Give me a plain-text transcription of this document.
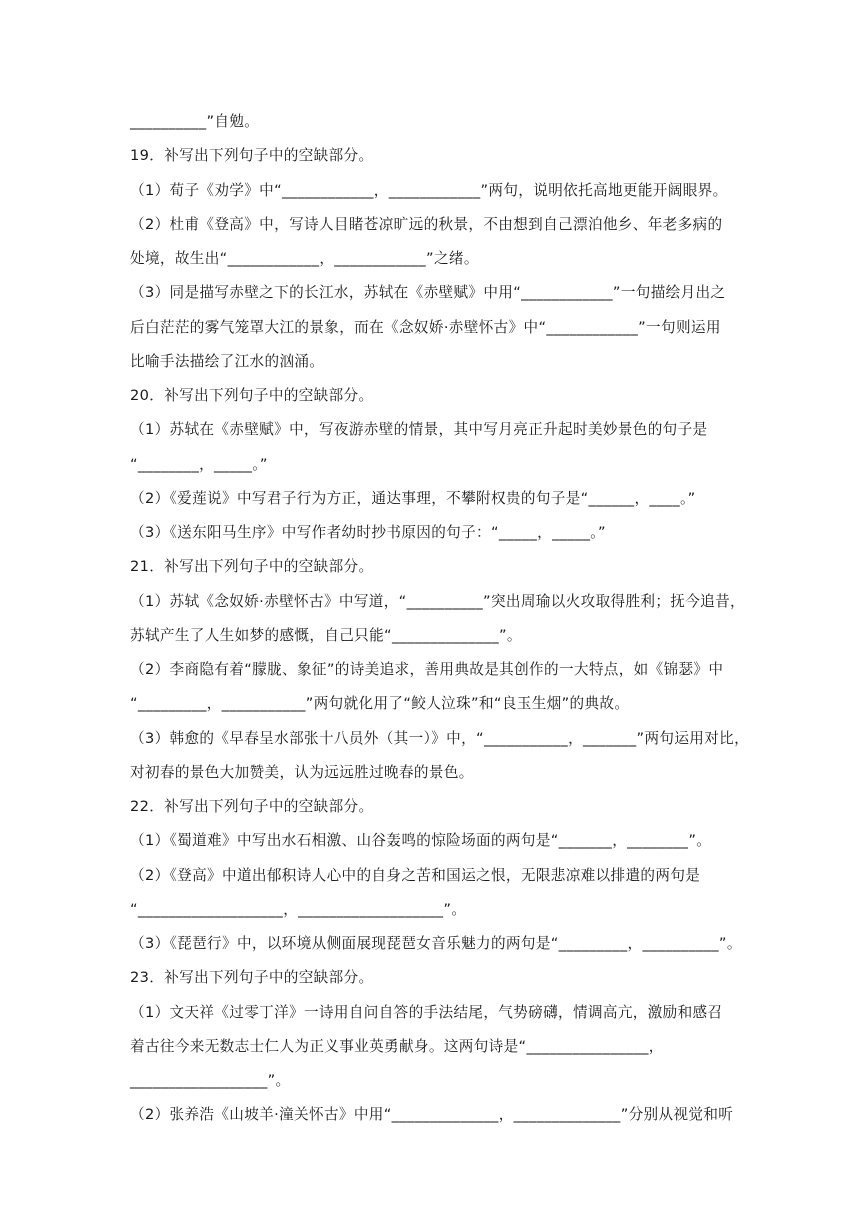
__________”自勉。
19．补写出下列句子中的空缺部分。
（1）荀子《劝学》中“____________，____________”两句，说明依托高地更能开阔眼界。
（2）杜甫《登高》中，写诗人目睹苍凉旷远的秋景，不由想到自己漂泊他乡、年老多病的
处境，故生出“____________，____________”之绪。
（3）同是描写赤壁之下的长江水，苏轼在《赤壁赋》中用“____________”一句描绘月出之
后白茫茫的雾气笼罩大江的景象，而在《念奴娇·赤壁怀古》中“____________”一句则运用
比喻手法描绘了江水的汹涌。
20．补写出下列句子中的空缺部分。
（1）苏轼在《赤壁赋》中，写夜游赤壁的情景，其中写月亮正升起时美妙景色的句子是
“________，_____。”
（2）《爱莲说》中写君子行为方正，通达事理，不攀附权贵的句子是“______，____。”
（3）《送东阳马生序》中写作者幼时抄书原因的句子：“_____，_____。”
21．补写出下列句子中的空缺部分。
（1）苏轼《念奴娇·赤壁怀古》中写道，“__________”突出周瑜以火攻取得胜利；抚今追昔，
苏轼产生了人生如梦的感慨，自己只能“______________”。
（2）李商隐有着“朦胧、象征”的诗美追求，善用典故是其创作的一大特点，如《锦瑟》中
“_________，___________”两句就化用了“鲛人泣珠”和“良玉生烟”的典故。
（3）韩愈的《早春呈水部张十八员外（其一）》中，“___________，_______”两句运用对比，
对初春的景色大加赞美，认为远远胜过晚春的景色。
22．补写出下列句子中的空缺部分。
（1）《蜀道难》中写出水石相激、山谷轰鸣的惊险场面的两句是“_______，________”。
（2）《登高》中道出郁积诗人心中的自身之苦和国运之恨，无限悲凉难以排遣的两句是
“___________________，___________________”。
（3）《琵琶行》中，以环境从侧面展现琵琶女音乐魅力的两句是“_________，__________”。
23．补写出下列句子中的空缺部分。
（1）文天祥《过零丁洋》一诗用自问自答的手法结尾，气势磅礴，情调高亢，激励和感召
着古往今来无数志士仁人为正义事业英勇献身。这两句诗是“________________，
__________________”。
（2）张养浩《山坡羊·潼关怀古》中用“______________，______________”分别从视觉和听
